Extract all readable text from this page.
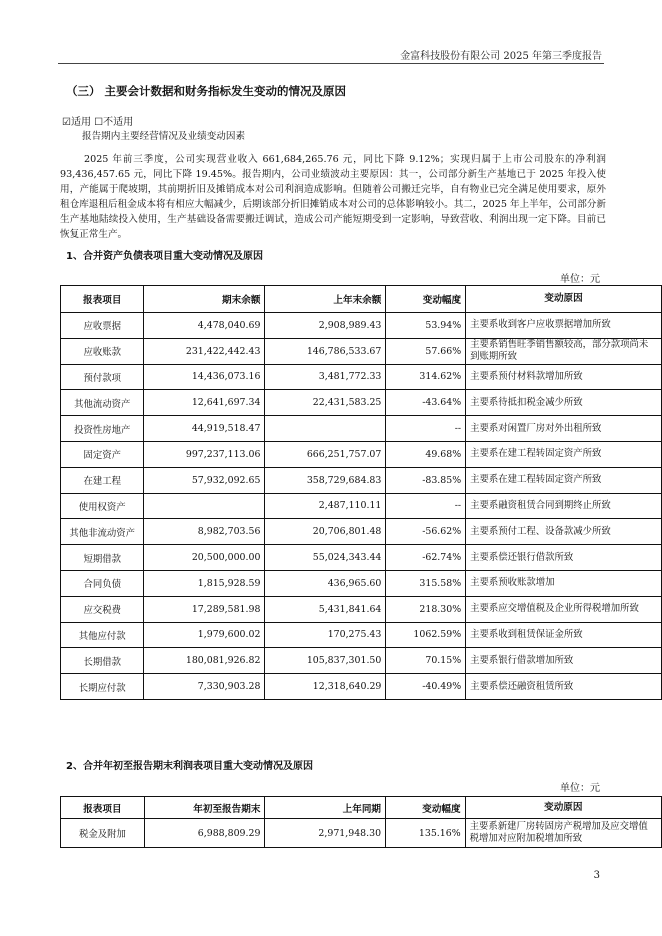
金富科技股份有限公司 2025 年第三季度报告
（三） 主要会计数据和财务指标发生变动的情况及原因
☑适用 ☐不适用
报告期内主要经营情况及业绩变动因素
2025 年前三季度，公司实现营业收入 661,684,265.76 元，同比下降 9.12%；实现归属于上市公司股东的净利润 93,436,457.65 元，同比下降 19.45%。报告期内，公司业绩波动主要原因：其一，公司部分新生产基地已于 2025 年投入使用，产能属于爬坡期，其前期折旧及摊销成本对公司利润造成影响。但随着公司搬迁完毕，自有物业已完全满足使用要求，原外租仓库退租后租金成本将有相应大幅减少，后期该部分折旧摊销成本对公司的总体影响较小。其二，2025 年上半年，公司部分新生产基地陆续投入使用，生产基础设备需要搬迁调试，造成公司产能短期受到一定影响，导致营收、利润出现一定下降。目前已恢复正常生产。
1、合并资产负债表项目重大变动情况及原因
单位：元
报表项目	期末余额	上年末余额	变动幅度	变动原因
应收票据	4,478,040.69	2,908,989.43	53.94%	主要系收到客户应收票据增加所致
应收账款	231,422,442.43	146,786,533.67	57.66%	主要系销售旺季销售额较高，部分款项尚未到账期所致
预付款项	14,436,073.16	3,481,772.33	314.62%	主要系预付材料款增加所致
其他流动资产	12,641,697.34	22,431,583.25	-43.64%	主要系待抵扣税金减少所致
投资性房地产	44,919,518.47		--	主要系对闲置厂房对外出租所致
固定资产	997,237,113.06	666,251,757.07	49.68%	主要系在建工程转固定资产所致
在建工程	57,932,092.65	358,729,684.83	-83.85%	主要系在建工程转固定资产所致
使用权资产		2,487,110.11	--	主要系融资租赁合同到期终止所致
其他非流动资产	8,982,703.56	20,706,801.48	-56.62%	主要系预付工程、设备款减少所致
短期借款	20,500,000.00	55,024,343.44	-62.74%	主要系偿还银行借款所致
合同负债	1,815,928.59	436,965.60	315.58%	主要系预收账款增加
应交税费	17,289,581.98	5,431,841.64	218.30%	主要系应交增值税及企业所得税增加所致
其他应付款	1,979,600.02	170,275.43	1062.59%	主要系收到租赁保证金所致
长期借款	180,081,926.82	105,837,301.50	70.15%	主要系银行借款增加所致
长期应付款	7,330,903.28	12,318,640.29	-40.49%	主要系偿还融资租赁所致
2、合并年初至报告期末利润表项目重大变动情况及原因
单位：元
报表项目	年初至报告期末	上年同期	变动幅度	变动原因
税金及附加	6,988,809.29	2,971,948.30	135.16%	主要系新建厂房转固房产税增加及应交增值税增加对应附加税增加所致
3
